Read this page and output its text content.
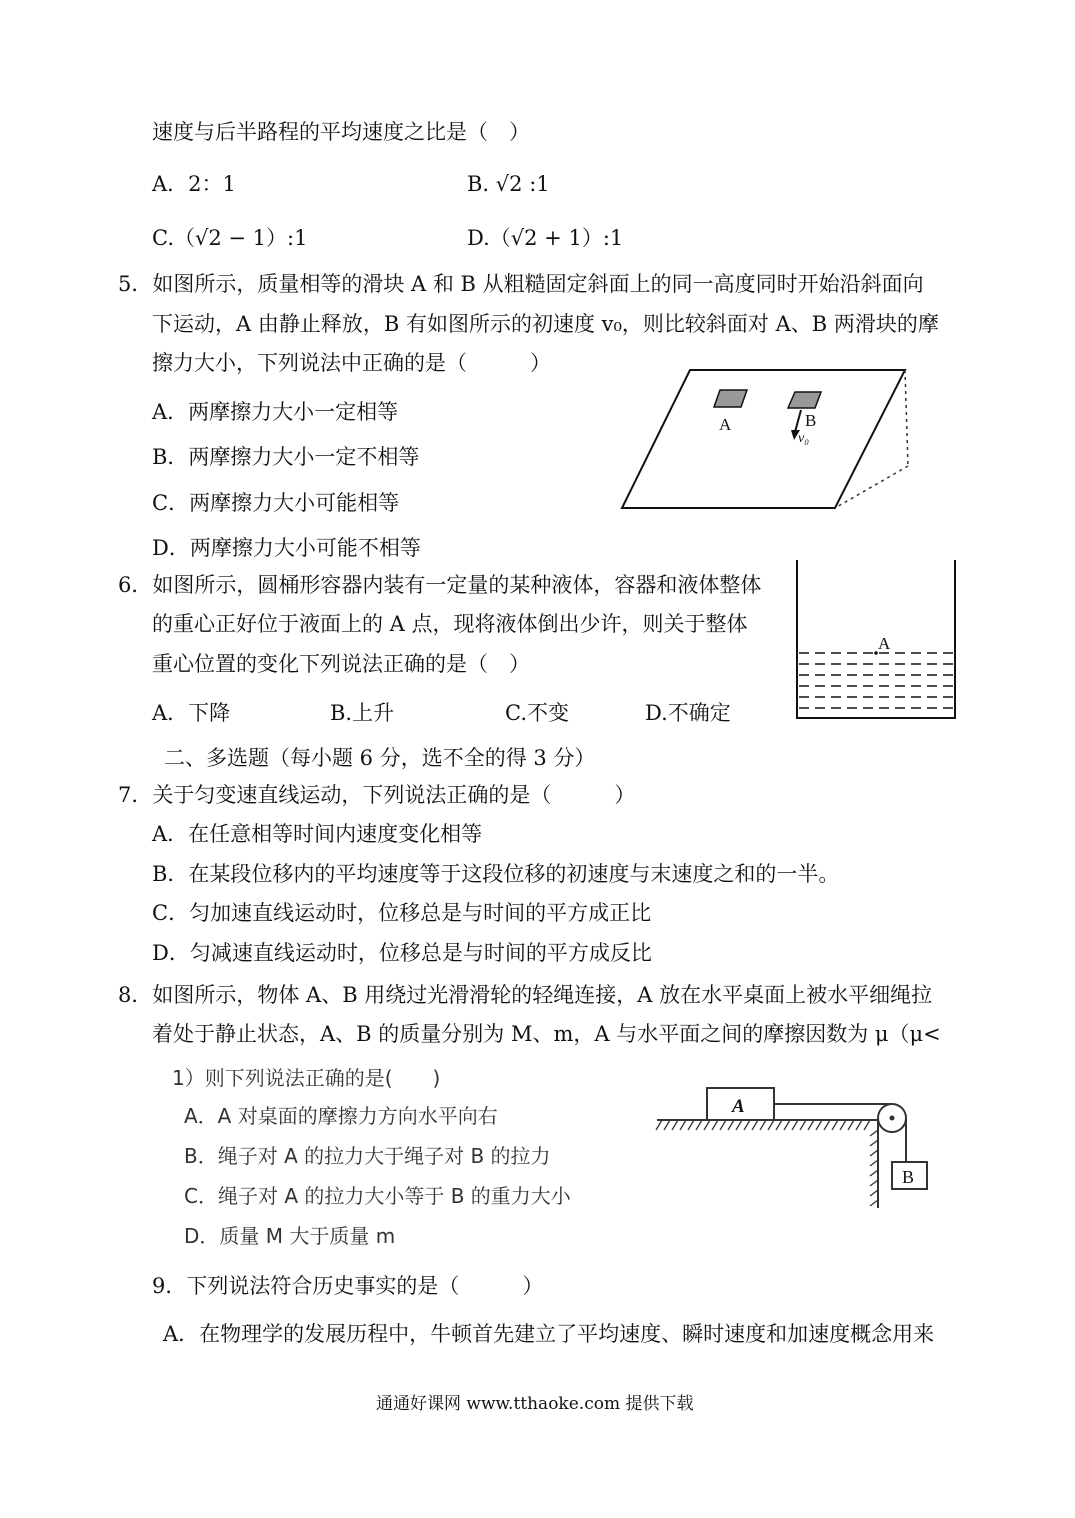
速度与后半路程的平均速度之比是（　）
A．2：1	B. √2 :1
C.（√2 − 1）:1	D.（√2 + 1）:1
5．如图所示，质量相等的滑块 A 和 B 从粗糙固定斜面上的同一高度同时开始沿斜面向
下运动，A 由静止释放，B 有如图所示的初速度 v₀，则比较斜面对 A、B 两滑块的摩
擦力大小，下列说法中正确的是（　　　）
A．两摩擦力大小一定相等
B．两摩擦力大小一定不相等
C．两摩擦力大小可能相等
D．两摩擦力大小可能不相等
A	B
v₀
6．如图所示，圆桶形容器内装有一定量的某种液体，容器和液体整体
的重心正好位于液面上的 A 点，现将液体倒出少许，则关于整体
重心位置的变化下列说法正确的是（　）
A．下降	B.上升	C.不变	D.不确定
A
二、多选题（每小题 6 分，选不全的得 3 分）
7．关于匀变速直线运动，下列说法正确的是（　　　）
A．在任意相等时间内速度变化相等
B．在某段位移内的平均速度等于这段位移的初速度与末速度之和的一半。
C．匀加速直线运动时，位移总是与时间的平方成正比
D．匀减速直线运动时，位移总是与时间的平方成反比
8．如图所示，物体 A、B 用绕过光滑滑轮的轻绳连接，A 放在水平桌面上被水平细绳拉
着处于静止状态，A、B 的质量分别为 M、m，A 与水平面之间的摩擦因数为 μ（μ<
1）则下列说法正确的是(　　)
A．A 对桌面的摩擦力方向水平向右
B．绳子对 A 的拉力大于绳子对 B 的拉力
C．绳子对 A 的拉力大小等于 B 的重力大小
D．质量 M 大于质量 m
A
B
9．下列说法符合历史事实的是（　　　）
A．在物理学的发展历程中，牛顿首先建立了平均速度、瞬时速度和加速度概念用来
通通好课网 www.tthaoke.com 提供下载
